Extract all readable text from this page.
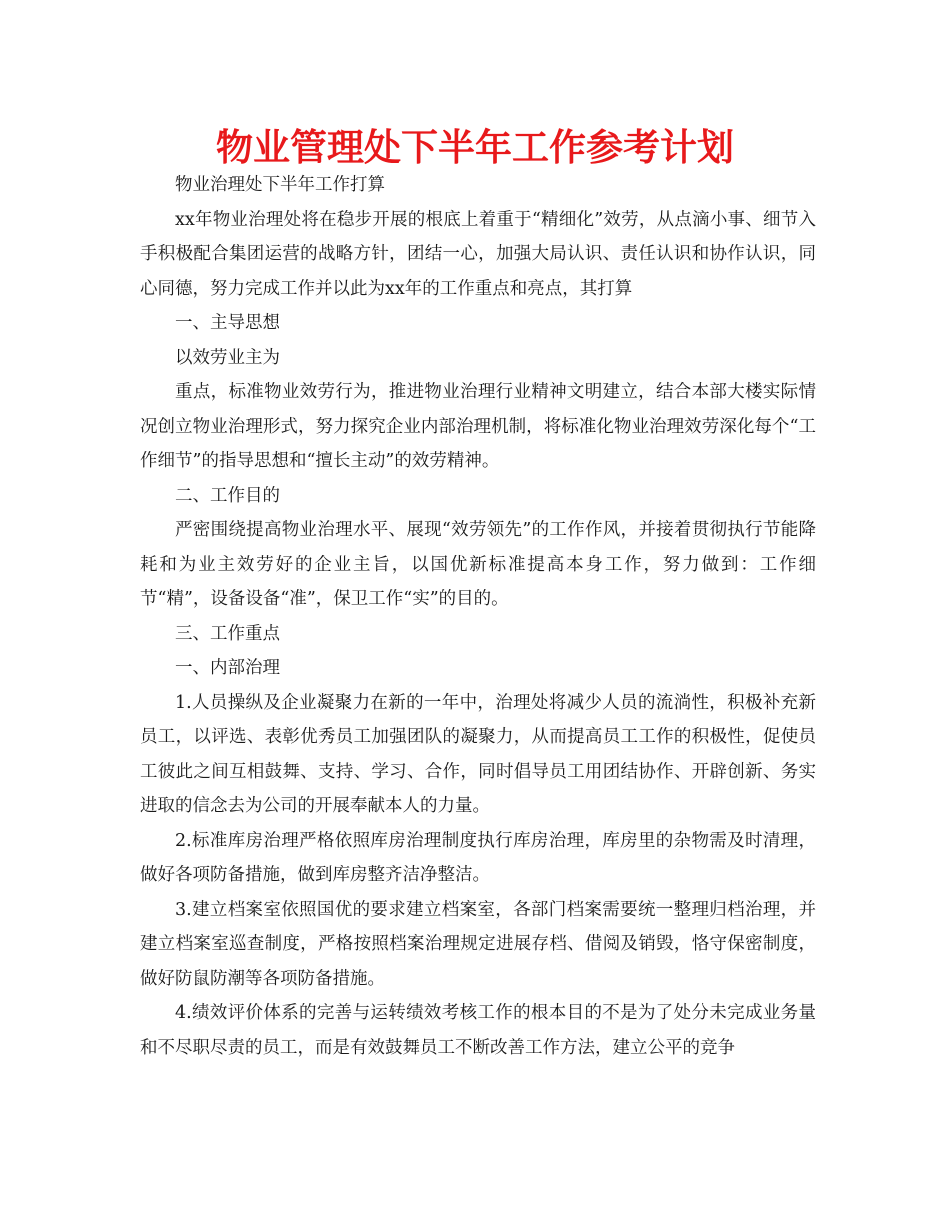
物业管理处下半年工作参考计划

物业治理处下半年工作打算

xx年物业治理处将在稳步开展的根底上着重于“精细化”效劳，从点滴小事、细节入手积极配合集团运营的战略方针，团结一心，加强大局认识、责任认识和协作认识，同心同德，努力完成工作并以此为xx年的工作重点和亮点，其打算

一、主导思想

以效劳业主为

重点，标准物业效劳行为，推进物业治理行业精神文明建立，结合本部大楼实际情况创立物业治理形式，努力探究企业内部治理机制，将标准化物业治理效劳深化每个“工作细节”的指导思想和“擅长主动”的效劳精神。

二、工作目的

严密围绕提高物业治理水平、展现“效劳领先”的工作作风，并接着贯彻执行节能降耗和为业主效劳好的企业主旨，以国优新标准提高本身工作，努力做到：工作细节“精”，设备设备“准”，保卫工作“实”的目的。

三、工作重点

一、内部治理

1.人员操纵及企业凝聚力在新的一年中，治理处将减少人员的流淌性，积极补充新员工，以评选、表彰优秀员工加强团队的凝聚力，从而提高员工工作的积极性，促使员工彼此之间互相鼓舞、支持、学习、合作，同时倡导员工用团结协作、开辟创新、务实进取的信念去为公司的开展奉献本人的力量。

2.标准库房治理严格依照库房治理制度执行库房治理，库房里的杂物需及时清理，做好各项防备措施，做到库房整齐洁净整洁。

3.建立档案室依照国优的要求建立档案室，各部门档案需要统一整理归档治理，并建立档案室巡查制度，严格按照档案治理规定进展存档、借阅及销毁，恪守保密制度，做好防鼠防潮等各项防备措施。

4.绩效评价体系的完善与运转绩效考核工作的根本目的不是为了处分未完成业务量和不尽职尽责的员工，而是有效鼓舞员工不断改善工作方法，建立公平的竞争
